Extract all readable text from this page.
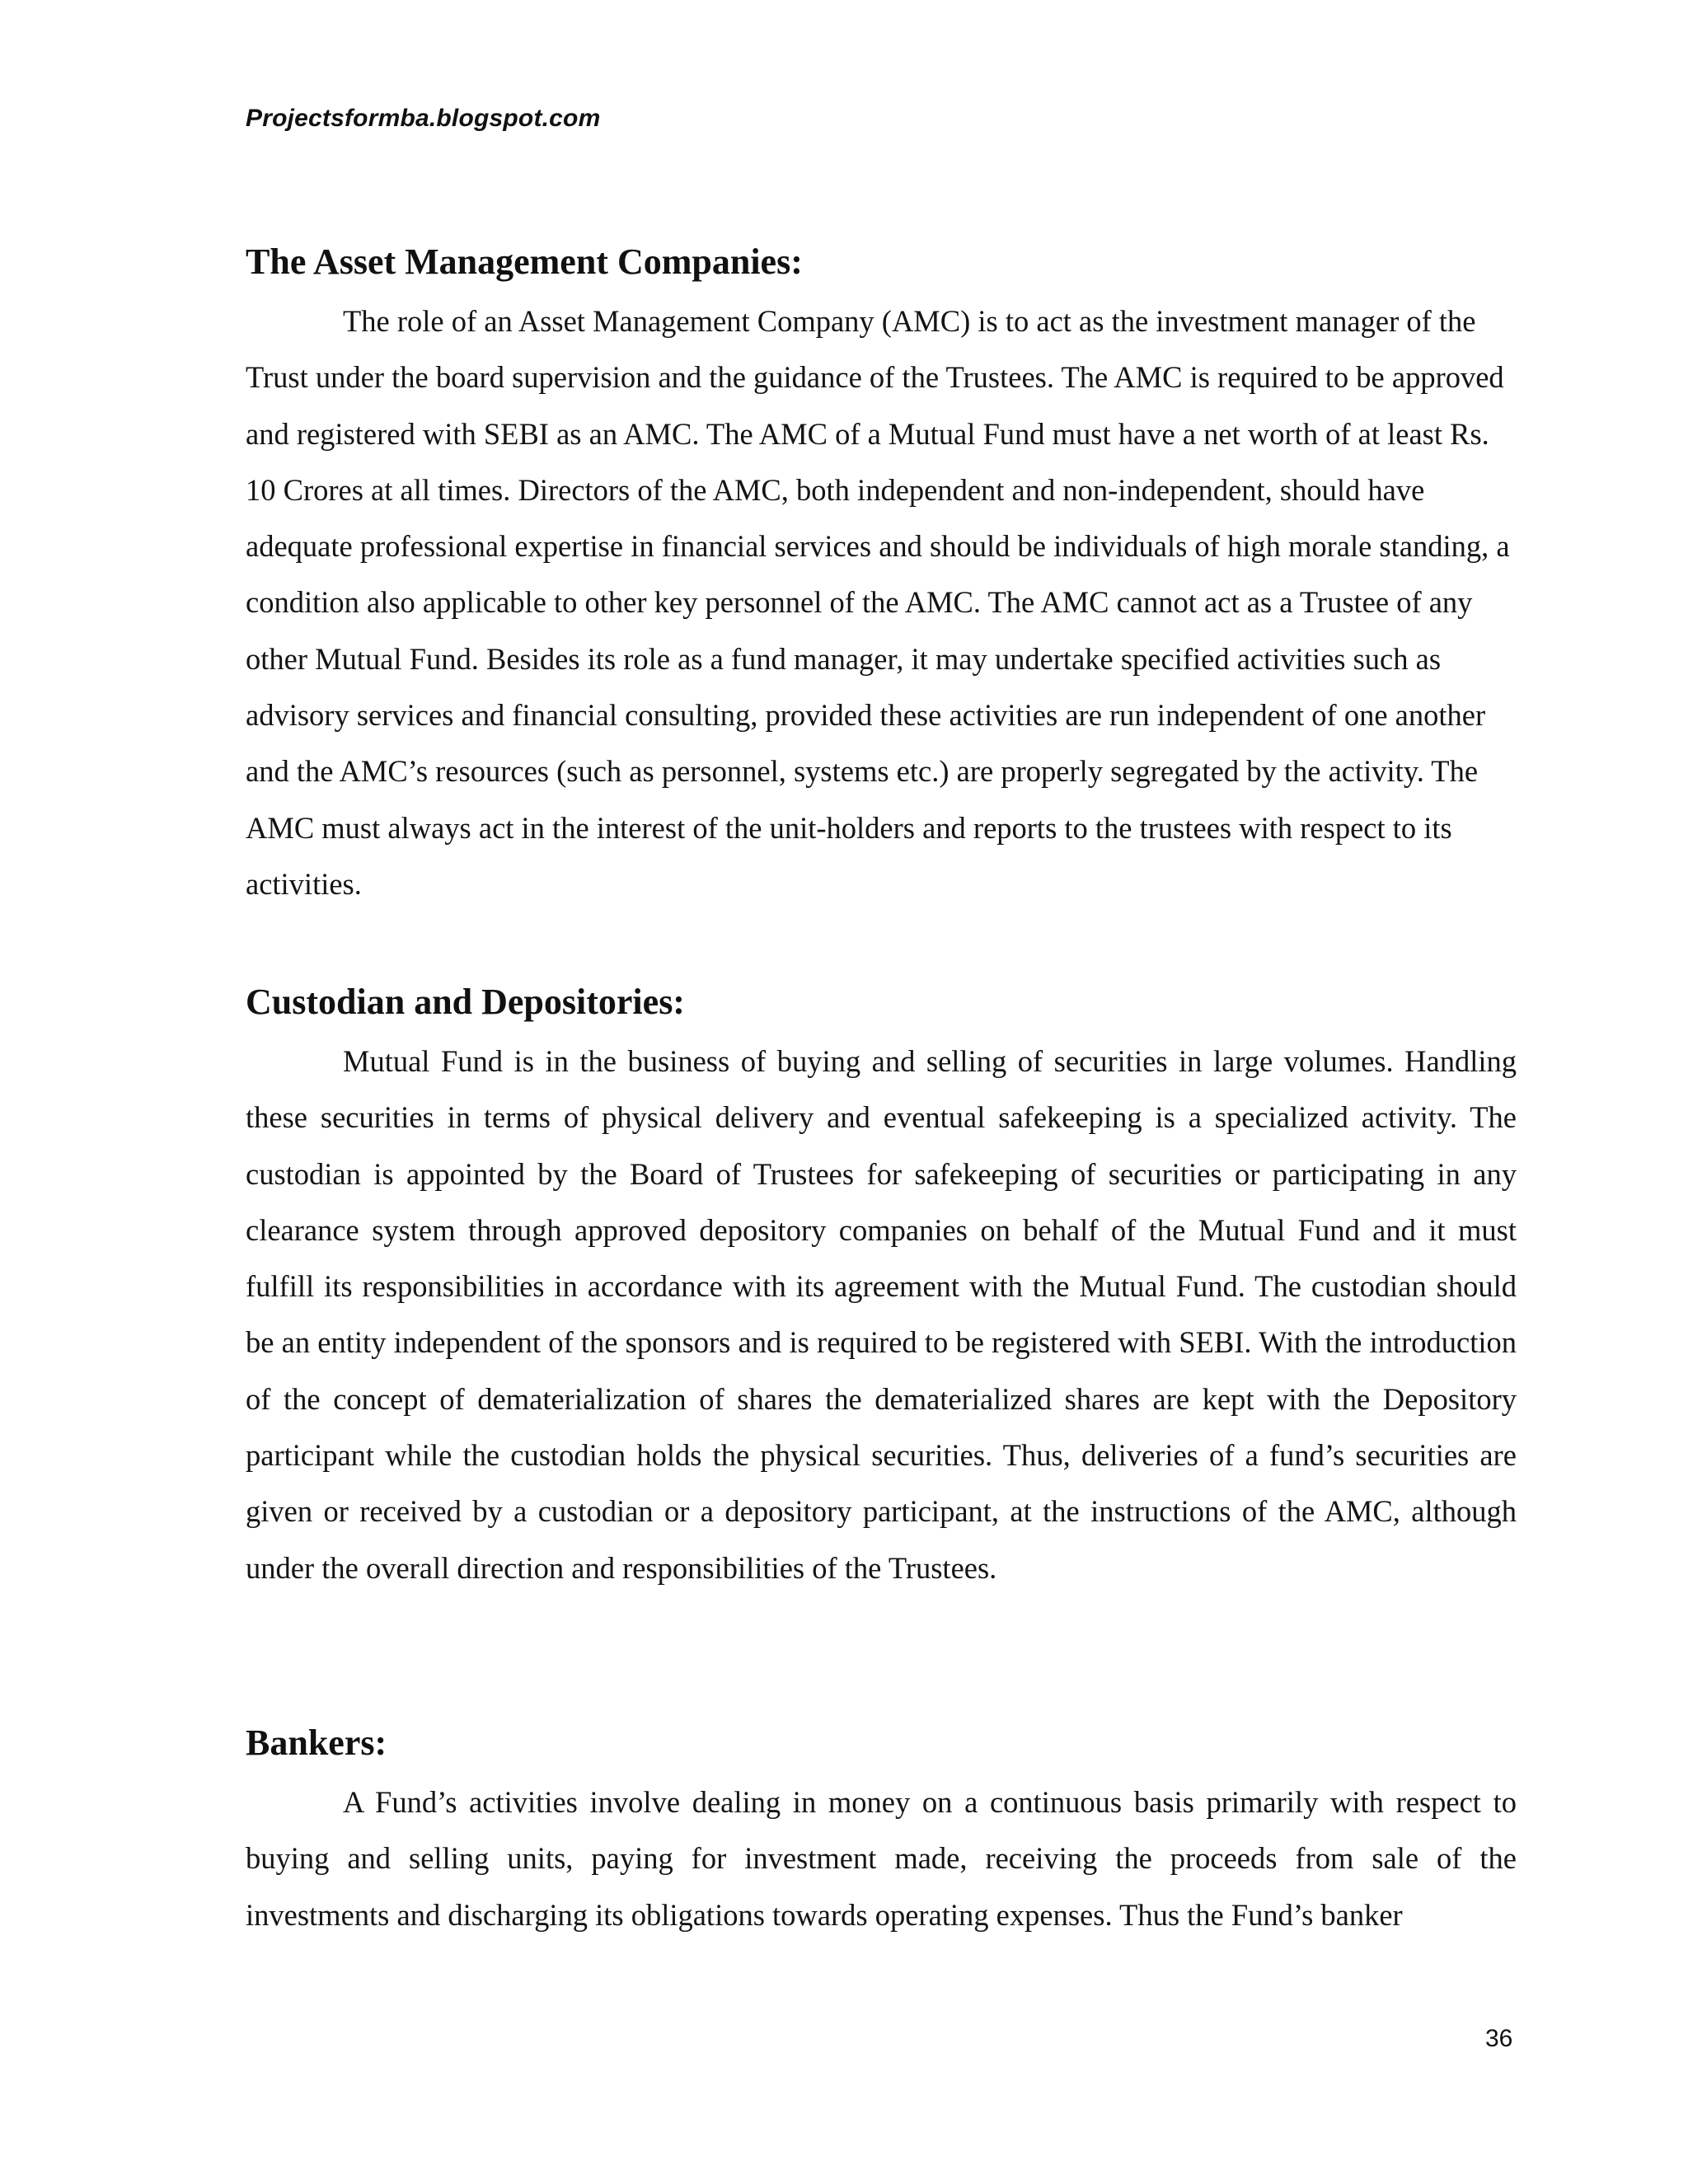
Projectsformba.blogspot.com
The Asset Management Companies:

The role of an Asset Management Company (AMC) is to act as the investment manager of the Trust under the board supervision and the guidance of the Trustees. The AMC is required to be approved and registered with SEBI as an AMC. The AMC of a Mutual Fund must have a net worth of at least Rs. 10 Crores at all times. Directors of the AMC, both independent and non-independent, should have adequate professional expertise in financial services and should be individuals of high morale standing, a condition also applicable to other key personnel of the AMC. The AMC cannot act as a Trustee of any other Mutual Fund. Besides its role as a fund manager, it may undertake specified activities such as advisory services and financial consulting, provided these activities are run independent of one another and the AMC’s resources (such as personnel, systems etc.) are properly segregated by the activity. The AMC must always act in the interest of the unit-holders and reports to the trustees with respect to its activities.

Custodian and Depositories:

Mutual Fund is in the business of buying and selling of securities in large volumes. Handling these securities in terms of physical delivery and eventual safekeeping is a specialized activity. The custodian is appointed by the Board of Trustees for safekeeping of securities or participating in any clearance system through approved depository companies on behalf of the Mutual Fund and it must fulfill its responsibilities in accordance with its agreement with the Mutual Fund. The custodian should be an entity independent of the sponsors and is required to be registered with SEBI. With the introduction of the concept of dematerialization of shares the dematerialized shares are kept with the Depository participant while the custodian holds the physical securities. Thus, deliveries of a fund’s securities are given or received by a custodian or a depository participant, at the instructions of the AMC, although under the overall direction and responsibilities of the Trustees.

Bankers:

A Fund’s activities involve dealing in money on a continuous basis primarily with respect to buying and selling units, paying for investment made, receiving the proceeds from sale of the investments and discharging its obligations towards operating expenses. Thus the Fund’s banker

36
